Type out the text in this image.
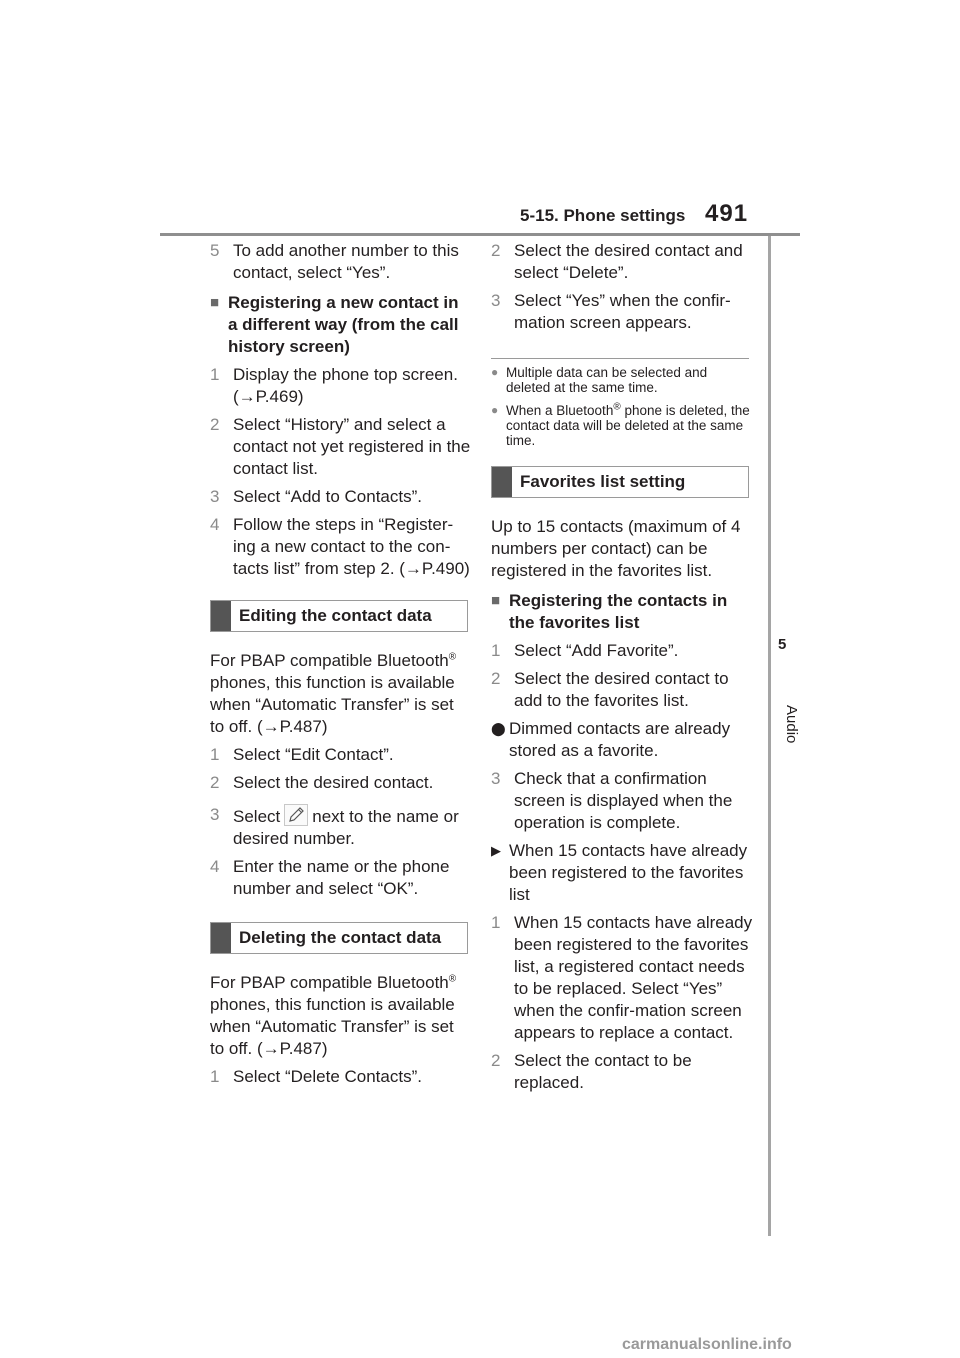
5-15. Phone settings 491
5
Audio
5 To add another number to this contact, select “Yes”.
■ Registering a new contact in a different way (from the call history screen)
1 Display the phone top screen. (→P.469)
2 Select “History” and select a contact not yet registered in the contact list.
3 Select “Add to Contacts”.
4 Follow the steps in “Register-ing a new contact to the con-tacts list” from step 2. (→P.490)
Editing the contact data

For PBAP compatible Bluetooth® phones, this function is available when “Automatic Transfer” is set to off. (→P.487)

1 Select “Edit Contact”.
2 Select the desired contact.
3 Select next to the name or desired number.
4 Enter the name or the phone number and select “OK”.
Deleting the contact data

For PBAP compatible Bluetooth® phones, this function is available when “Automatic Transfer” is set to off. (→P.487)

1 Select “Delete Contacts”.
2 Select the desired contact and select “Delete”.
3 Select “Yes” when the confir-mation screen appears.
● Multiple data can be selected and deleted at the same time.
● When a Bluetooth® phone is deleted, the contact data will be deleted at the same time.
Favorites list setting

Up to 15 contacts (maximum of 4 numbers per contact) can be registered in the favorites list.

■ Registering the contacts in the favorites list
1 Select “Add Favorite”.
2 Select the desired contact to add to the favorites list.
⬤ Dimmed contacts are already stored as a favorite.
3 Check that a confirmation screen is displayed when the operation is complete.
▶ When 15 contacts have already been registered to the favorites list
1 When 15 contacts have already been registered to the favorites list, a registered contact needs to be replaced. Select “Yes” when the confir-mation screen appears to replace a contact.
2 Select the contact to be replaced.
carmanualsonline.info
